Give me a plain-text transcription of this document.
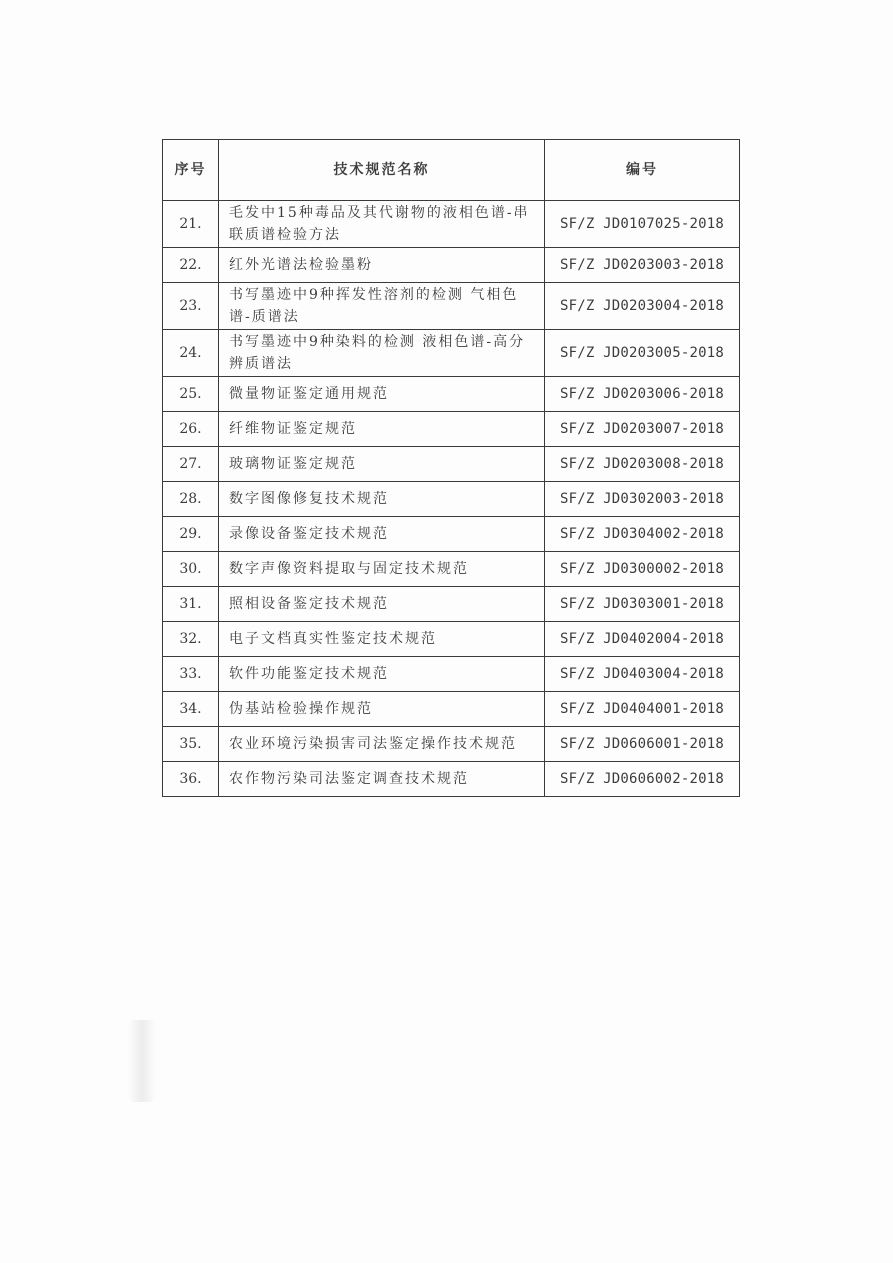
序号	技术规范名称	编号
21.	毛发中15种毒品及其代谢物的液相色谱-串联质谱检验方法	SF/Z JD0107025-2018
22.	红外光谱法检验墨粉	SF/Z JD0203003-2018
23.	书写墨迹中9种挥发性溶剂的检测 气相色谱-质谱法	SF/Z JD0203004-2018
24.	书写墨迹中9种染料的检测 液相色谱-高分辨质谱法	SF/Z JD0203005-2018
25.	微量物证鉴定通用规范	SF/Z JD0203006-2018
26.	纤维物证鉴定规范	SF/Z JD0203007-2018
27.	玻璃物证鉴定规范	SF/Z JD0203008-2018
28.	数字图像修复技术规范	SF/Z JD0302003-2018
29.	录像设备鉴定技术规范	SF/Z JD0304002-2018
30.	数字声像资料提取与固定技术规范	SF/Z JD0300002-2018
31.	照相设备鉴定技术规范	SF/Z JD0303001-2018
32.	电子文档真实性鉴定技术规范	SF/Z JD0402004-2018
33.	软件功能鉴定技术规范	SF/Z JD0403004-2018
34.	伪基站检验操作规范	SF/Z JD0404001-2018
35.	农业环境污染损害司法鉴定操作技术规范	SF/Z JD0606001-2018
36.	农作物污染司法鉴定调查技术规范	SF/Z JD0606002-2018
